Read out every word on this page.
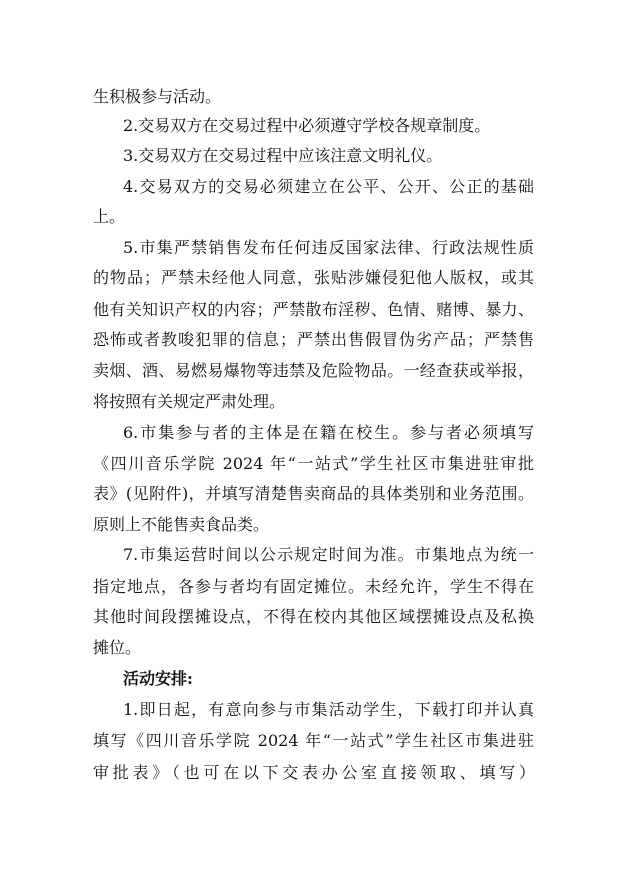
生积极参与活动。

2.交易双方在交易过程中必须遵守学校各规章制度。

3.交易双方在交易过程中应该注意文明礼仪。

4.交易双方的交易必须建立在公平、公开、公正的基础

上。

5.市集严禁销售发布任何违反国家法律、行政法规性质

的物品；严禁未经他人同意，张贴涉嫌侵犯他人版权，或其

他有关知识产权的内容；严禁散布淫秽、色情、赌博、暴力、

恐怖或者教唆犯罪的信息；严禁出售假冒伪劣产品；严禁售

卖烟、酒、易燃易爆物等违禁及危险物品。一经查获或举报，

将按照有关规定严肃处理。

6.市集参与者的主体是在籍在校生。参与者必须填写

《四川音乐学院 2024 年“一站式”学生社区市集进驻审批

表》(见附件)，并填写清楚售卖商品的具体类别和业务范围。

原则上不能售卖食品类。

7.市集运营时间以公示规定时间为准。市集地点为统一

指定地点，各参与者均有固定摊位。未经允许，学生不得在

其他时间段摆摊设点，不得在校内其他区域摆摊设点及私换

摊位。

活动安排:

1.即日起，有意向参与市集活动学生，下载打印并认真

填写《四川音乐学院 2024 年“一站式”学生社区市集进驻

审批表》（也可在以下交表办公室直接领取、填写）
